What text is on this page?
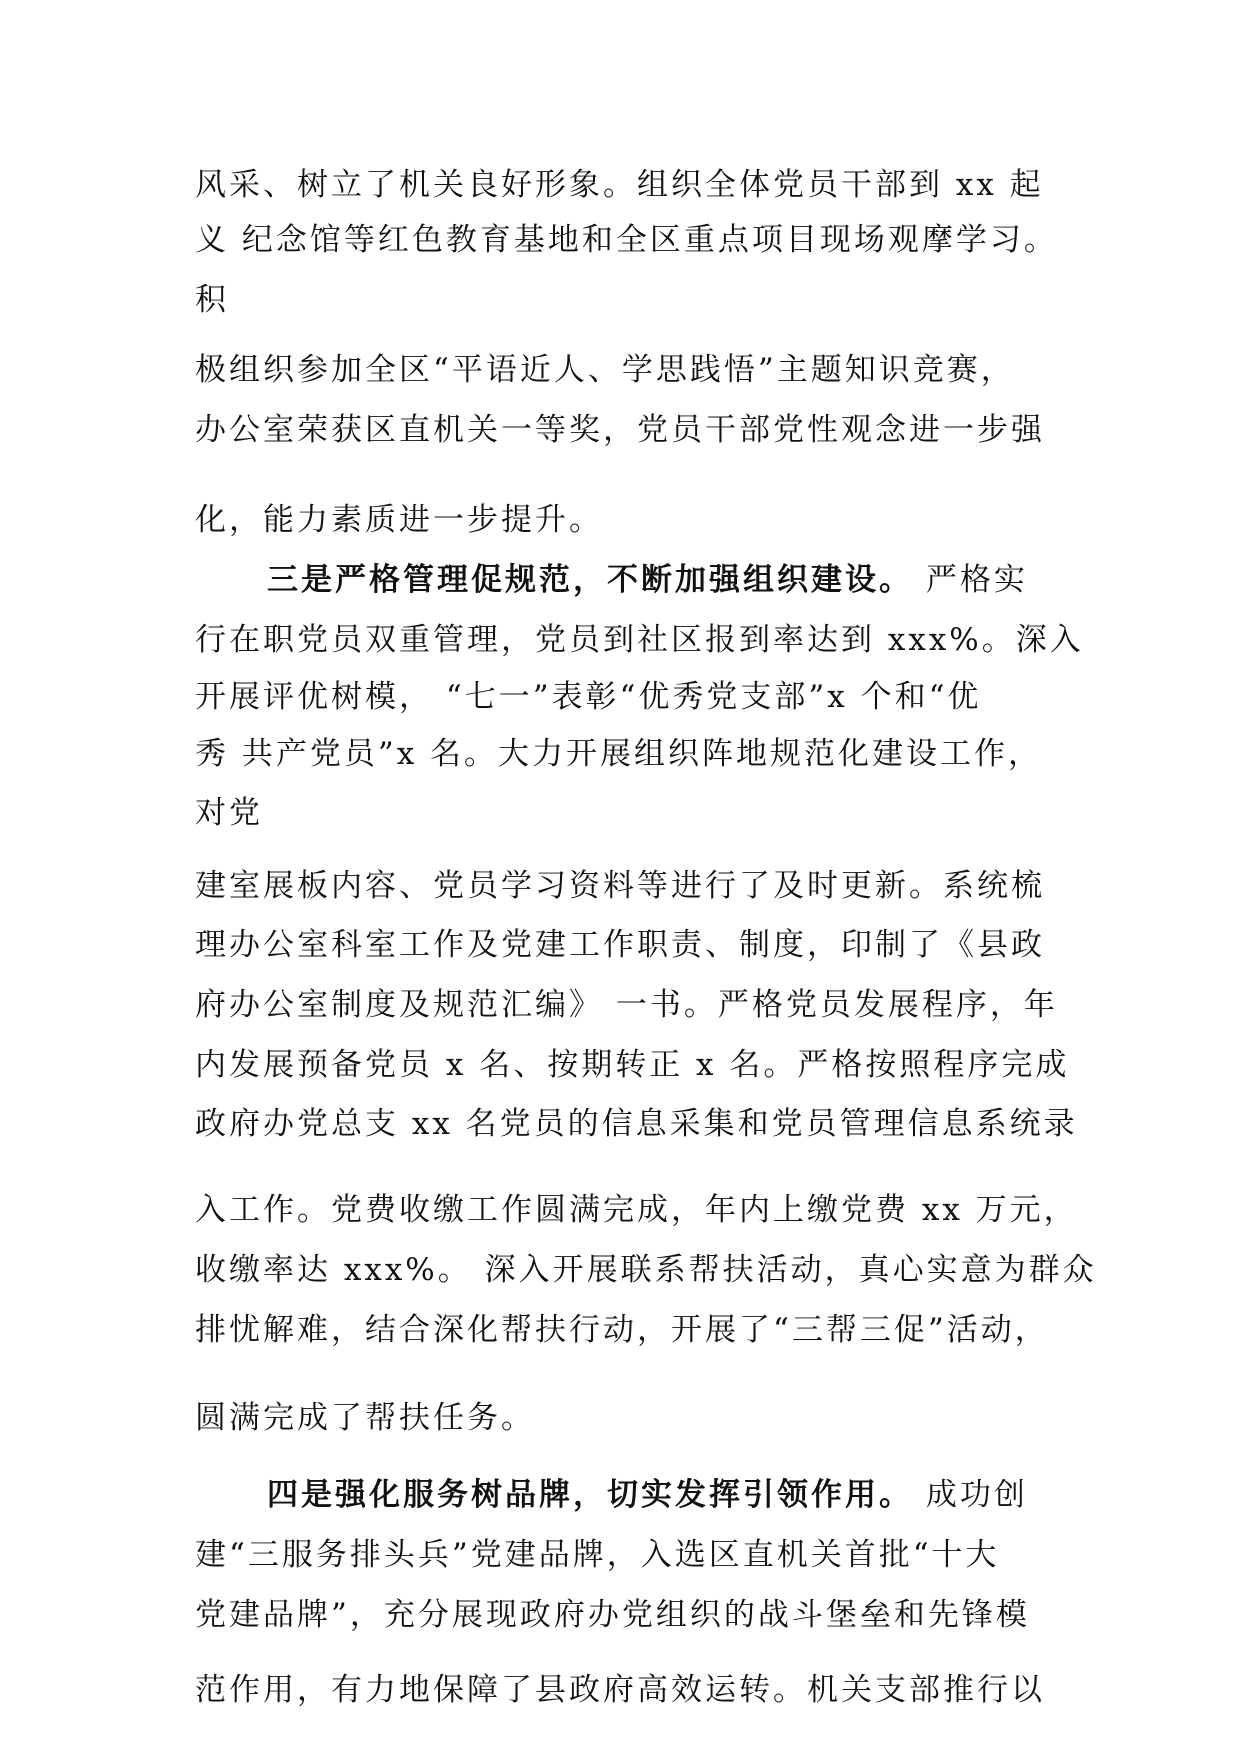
风采、树立了机关良好形象。组织全体党员干部到 xx 起
义 纪念馆等红色教育基地和全区重点项目现场观摩学习。
积
极组织参加全区“平语近人、学思践悟”主题知识竞赛，
办公室荣获区直机关一等奖，党员干部党性观念进一步强
化，能力素质进一步提升。
三是严格管理促规范，不断加强组织建设。 严格实
行在职党员双重管理，党员到社区报到率达到 xxx%。深入
开展评优树模， “七一”表彰“优秀党支部”x 个和“优
秀 共产党员”x 名。大力开展组织阵地规范化建设工作，
对党
建室展板内容、党员学习资料等进行了及时更新。系统梳
理办公室科室工作及党建工作职责、制度，印制了《县政
府办公室制度及规范汇编》 一书。严格党员发展程序，年
内发展预备党员 x 名、按期转正 x 名。严格按照程序完成
政府办党总支 xx 名党员的信息采集和党员管理信息系统录
入工作。党费收缴工作圆满完成，年内上缴党费 xx 万元，
收缴率达 xxx%。 深入开展联系帮扶活动，真心实意为群众
排忧解难，结合深化帮扶行动，开展了“三帮三促”活动，
圆满完成了帮扶任务。
四是强化服务树品牌，切实发挥引领作用。 成功创
建“三服务排头兵”党建品牌，入选区直机关首批“十大
党建品牌”，充分展现政府办党组织的战斗堡垒和先锋模
范作用，有力地保障了县政府高效运转。机关支部推行以
